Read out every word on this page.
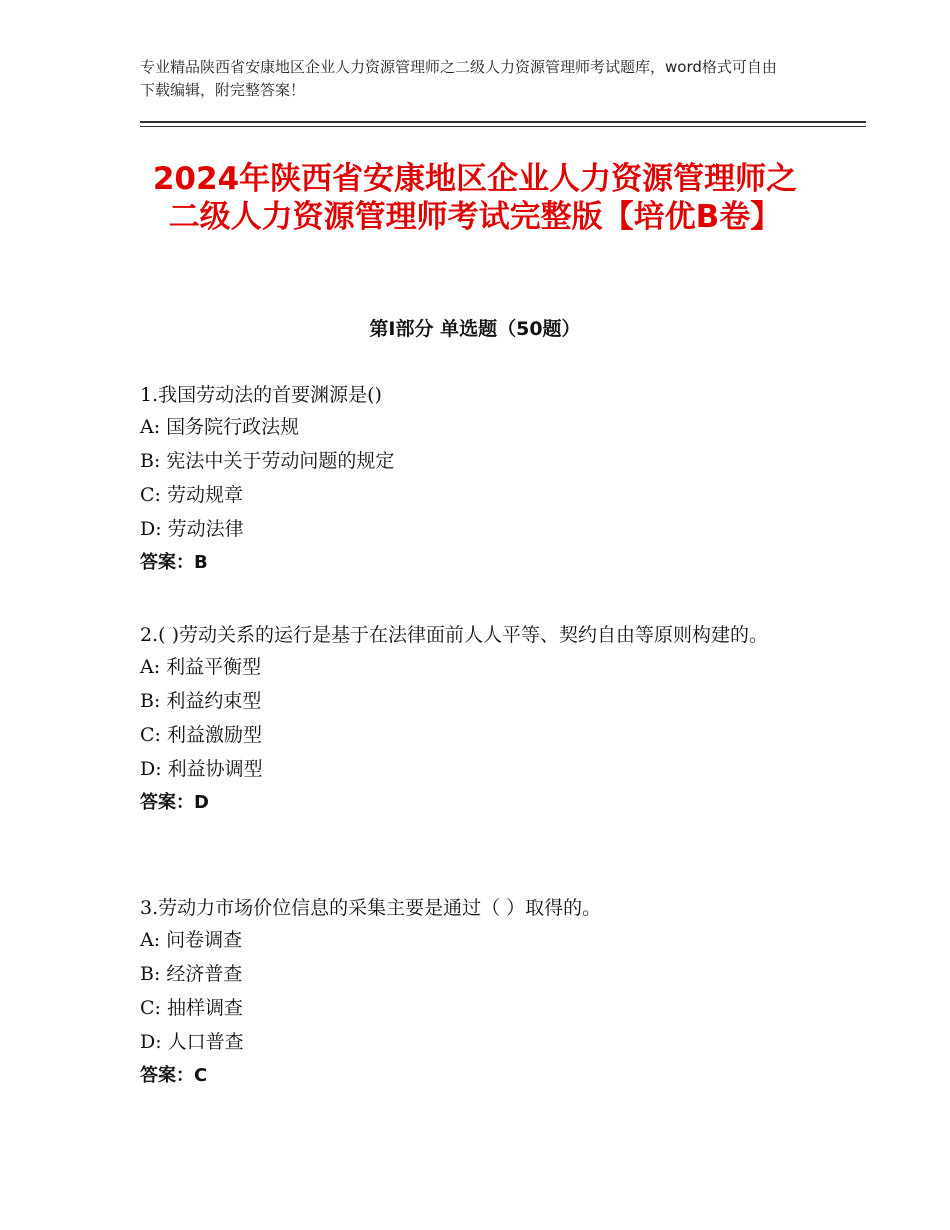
专业精品陕西省安康地区企业人力资源管理师之二级人力资源管理师考试题库，word格式可自由下载编辑，附完整答案！
2024年陕西省安康地区企业人力资源管理师之二级人力资源管理师考试完整版【培优B卷】
第Ⅰ部分 单选题（50题）

1.我国劳动法的首要渊源是()

A: 国务院行政法规

B: 宪法中关于劳动问题的规定

C: 劳动规章

D: 劳动法律

答案：B

2.( )劳动关系的运行是基于在法律面前人人平等、契约自由等原则构建的。

A: 利益平衡型

B: 利益约束型

C: 利益激励型

D: 利益协调型

答案：D

3.劳动力市场价位信息的采集主要是通过（ ）取得的。

A: 问卷调查

B: 经济普查

C: 抽样调查

D: 人口普查

答案：C
